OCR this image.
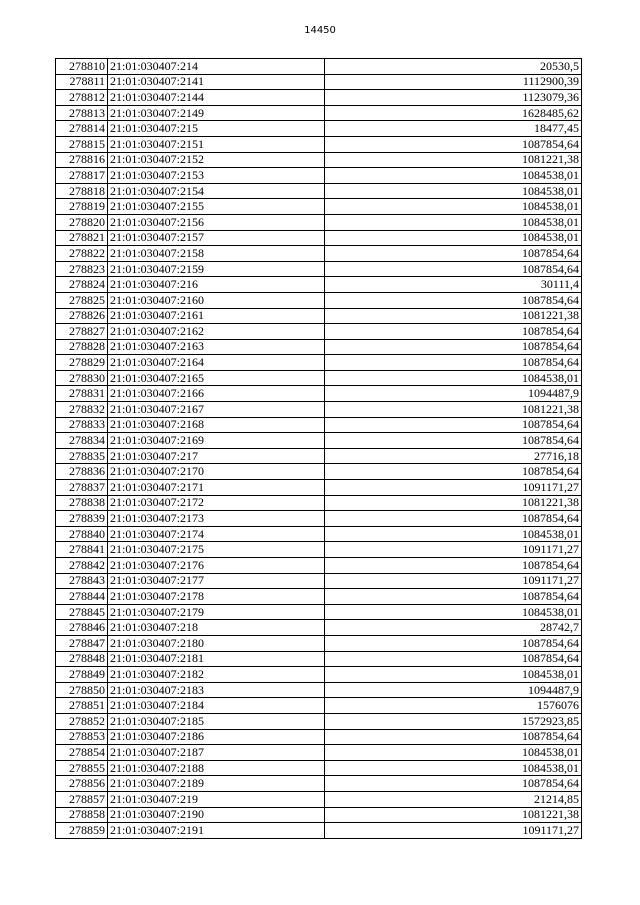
14450
278810	21:01:030407:214	20530,5
278811	21:01:030407:2141	1112900,39
278812	21:01:030407:2144	1123079,36
278813	21:01:030407:2149	1628485,62
278814	21:01:030407:215	18477,45
278815	21:01:030407:2151	1087854,64
278816	21:01:030407:2152	1081221,38
278817	21:01:030407:2153	1084538,01
278818	21:01:030407:2154	1084538,01
278819	21:01:030407:2155	1084538,01
278820	21:01:030407:2156	1084538,01
278821	21:01:030407:2157	1084538,01
278822	21:01:030407:2158	1087854,64
278823	21:01:030407:2159	1087854,64
278824	21:01:030407:216	30111,4
278825	21:01:030407:2160	1087854,64
278826	21:01:030407:2161	1081221,38
278827	21:01:030407:2162	1087854,64
278828	21:01:030407:2163	1087854,64
278829	21:01:030407:2164	1087854,64
278830	21:01:030407:2165	1084538,01
278831	21:01:030407:2166	1094487,9
278832	21:01:030407:2167	1081221,38
278833	21:01:030407:2168	1087854,64
278834	21:01:030407:2169	1087854,64
278835	21:01:030407:217	27716,18
278836	21:01:030407:2170	1087854,64
278837	21:01:030407:2171	1091171,27
278838	21:01:030407:2172	1081221,38
278839	21:01:030407:2173	1087854,64
278840	21:01:030407:2174	1084538,01
278841	21:01:030407:2175	1091171,27
278842	21:01:030407:2176	1087854,64
278843	21:01:030407:2177	1091171,27
278844	21:01:030407:2178	1087854,64
278845	21:01:030407:2179	1084538,01
278846	21:01:030407:218	28742,7
278847	21:01:030407:2180	1087854,64
278848	21:01:030407:2181	1087854,64
278849	21:01:030407:2182	1084538,01
278850	21:01:030407:2183	1094487,9
278851	21:01:030407:2184	1576076
278852	21:01:030407:2185	1572923,85
278853	21:01:030407:2186	1087854,64
278854	21:01:030407:2187	1084538,01
278855	21:01:030407:2188	1084538,01
278856	21:01:030407:2189	1087854,64
278857	21:01:030407:219	21214,85
278858	21:01:030407:2190	1081221,38
278859	21:01:030407:2191	1091171,27
